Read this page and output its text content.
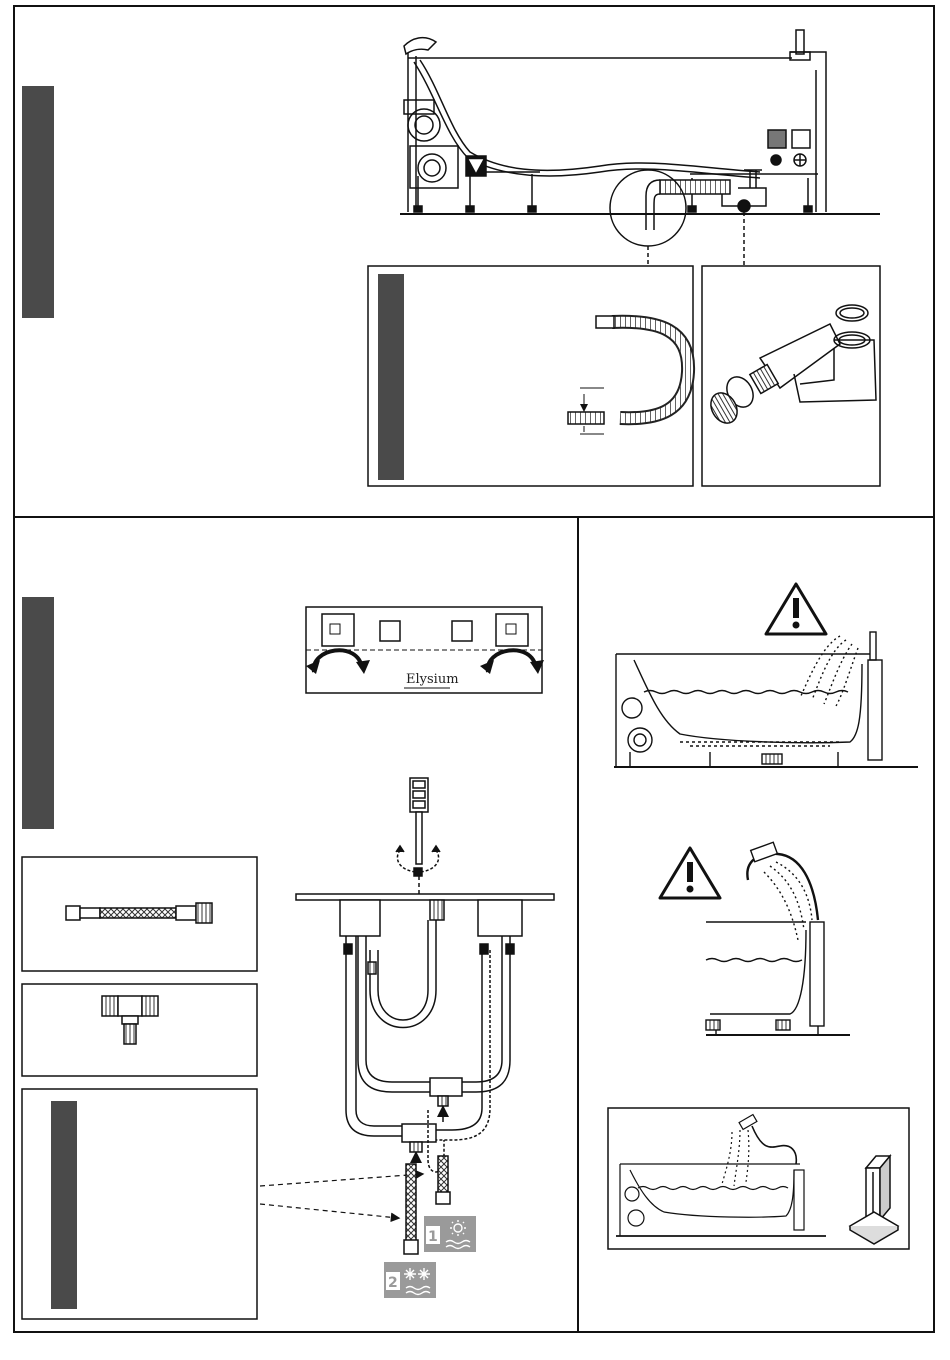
Elysium
1
2
